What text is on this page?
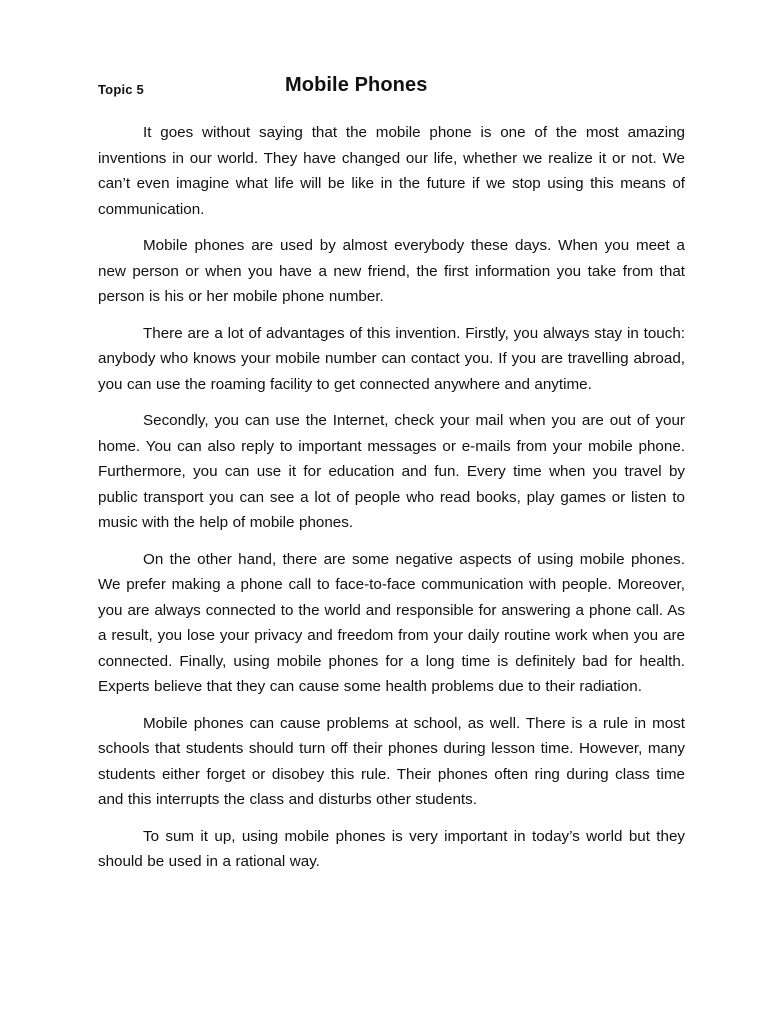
Topic 5	Mobile Phones

It goes without saying that the mobile phone is one of the most amazing inventions in our world. They have changed our life, whether we realize it or not. We can’t even imagine what life will be like in the future if we stop using this means of communication.

Mobile phones are used by almost everybody these days. When you meet a new person or when you have a new friend, the first information you take from that person is his or her mobile phone number.

There are a lot of advantages of this invention. Firstly, you always stay in touch: anybody who knows your mobile number can contact you. If you are travelling abroad, you can use the roaming facility to get connected anywhere and anytime.

Secondly, you can use the Internet, check your mail when you are out of your home. You can also reply to important messages or e-mails from your mobile phone. Furthermore, you can use it for education and fun. Every time when you travel by public transport you can see a lot of people who read books, play games or listen to music with the help of mobile phones.

On the other hand, there are some negative aspects of using mobile phones. We prefer making a phone call to face-to-face communication with people. Moreover, you are always connected to the world and responsible for answering a phone call. As a result, you lose your privacy and freedom from your daily routine work when you are connected. Finally, using mobile phones for a long time is definitely bad for health. Experts believe that they can cause some health problems due to their radiation.

Mobile phones can cause problems at school, as well. There is a rule in most schools that students should turn off their phones during lesson time. However, many students either forget or disobey this rule. Their phones often ring during class time and this interrupts the class and disturbs other students.

To sum it up, using mobile phones is very important in today’s world but they should be used in a rational way.
